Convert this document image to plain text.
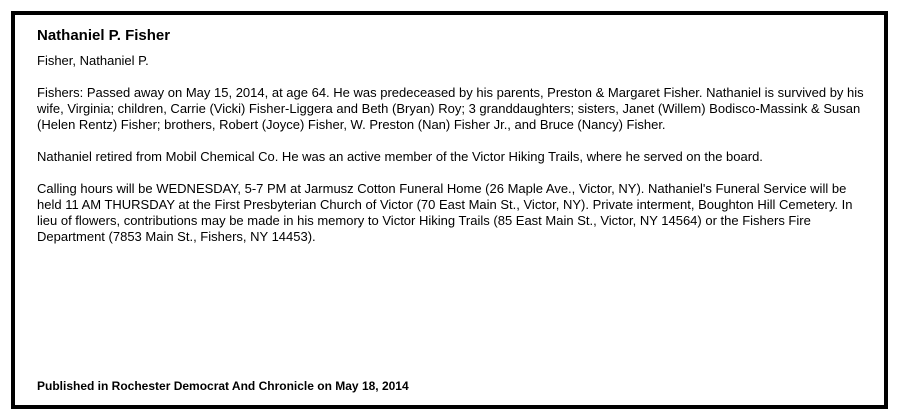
Nathaniel P. Fisher

Fisher, Nathaniel P.

Fishers: Passed away on May 15, 2014, at age 64. He was predeceased by his parents, Preston & Margaret Fisher. Nathaniel is survived by his wife, Virginia; children, Carrie (Vicki) Fisher-Liggera and Beth (Bryan) Roy; 3 granddaughters; sisters, Janet (Willem) Bodisco-Massink & Susan (Helen Rentz) Fisher; brothers, Robert (Joyce) Fisher, W. Preston (Nan) Fisher Jr., and Bruce (Nancy) Fisher.

Nathaniel retired from Mobil Chemical Co. He was an active member of the Victor Hiking Trails, where he served on the board.

Calling hours will be WEDNESDAY, 5-7 PM at Jarmusz Cotton Funeral Home (26 Maple Ave., Victor, NY). Nathaniel's Funeral Service will be held 11 AM THURSDAY at the First Presbyterian Church of Victor (70 East Main St., Victor, NY). Private interment, Boughton Hill Cemetery. In lieu of flowers, contributions may be made in his memory to Victor Hiking Trails (85 East Main St., Victor, NY 14564) or the Fishers Fire Department (7853 Main St., Fishers, NY 14453).

Published in Rochester Democrat And Chronicle on May 18, 2014
